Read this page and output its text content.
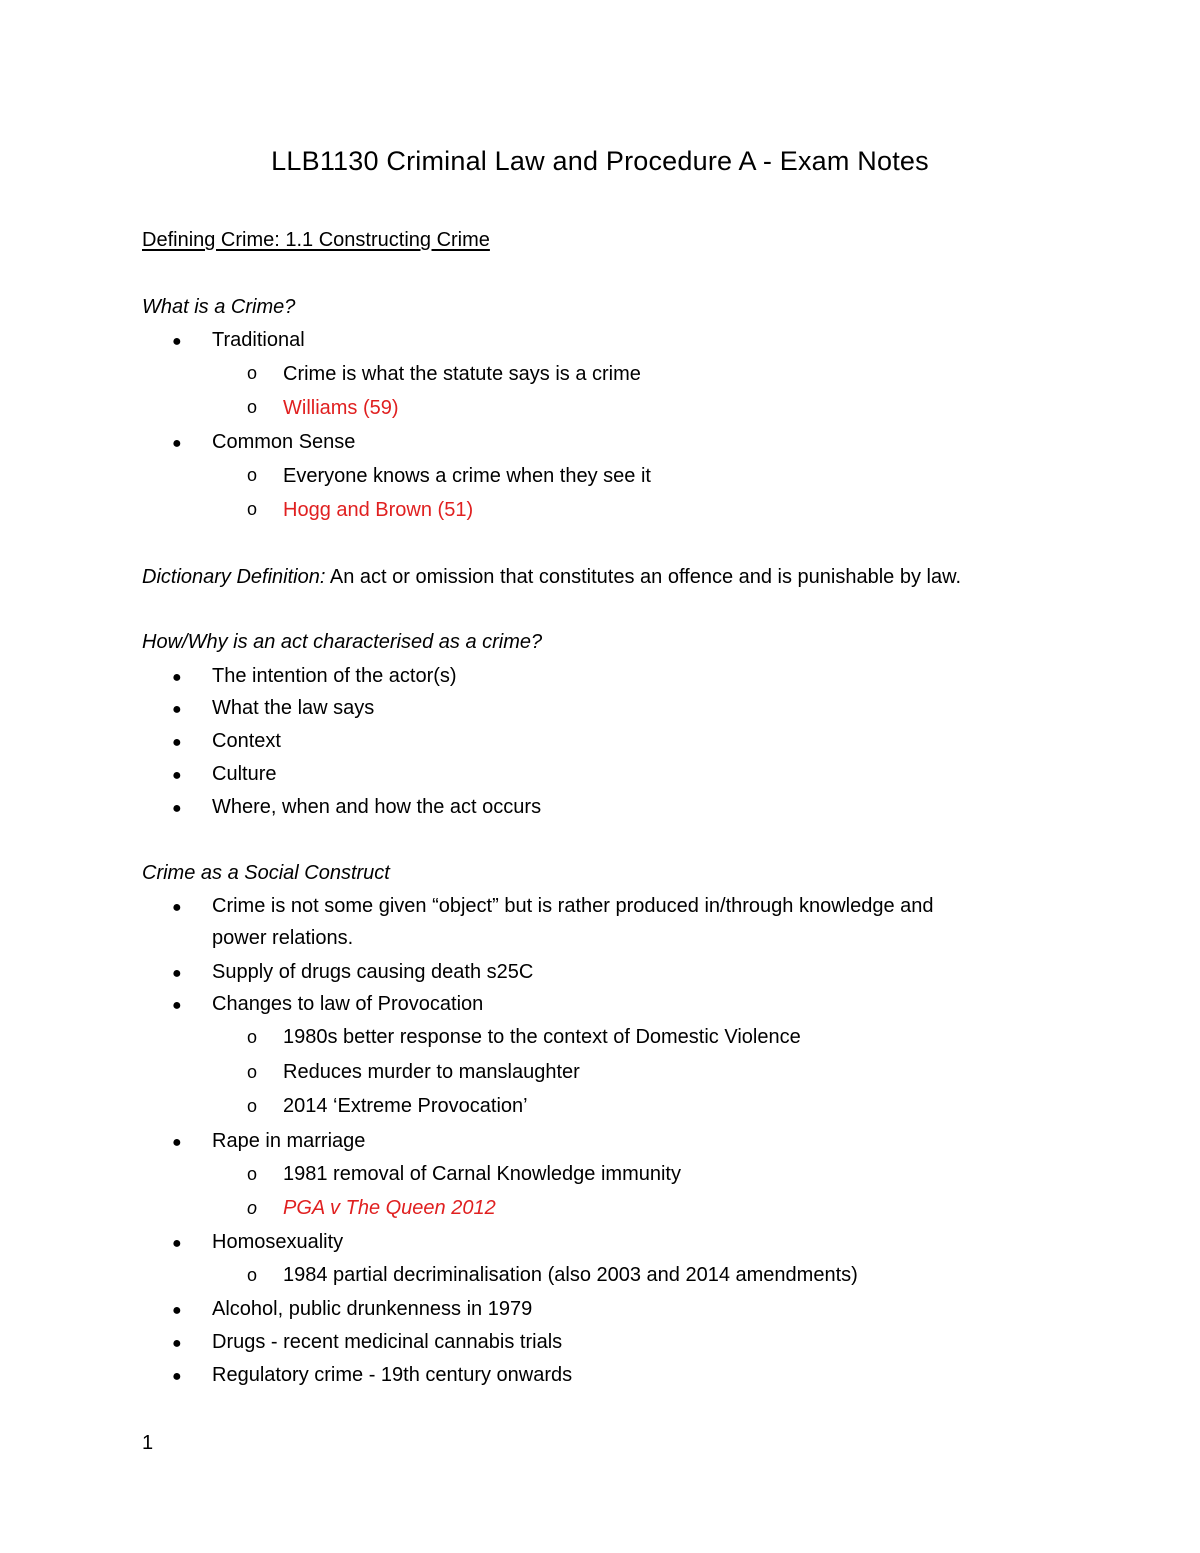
LLB1130 Criminal Law and Procedure A - Exam Notes
Defining Crime: 1.1 Constructing Crime
What is a Crime?
● Traditional
o Crime is what the statute says is a crime
o Williams (59)
● Common Sense
o Everyone knows a crime when they see it
o Hogg and Brown (51)
Dictionary Definition: An act or omission that constitutes an offence and is punishable by law.
How/Why is an act characterised as a crime?
● The intention of the actor(s)
● What the law says
● Context
● Culture
● Where, when and how the act occurs
Crime as a Social Construct
● Crime is not some given “object” but is rather produced in/through knowledge and
power relations.
● Supply of drugs causing death s25C
● Changes to law of Provocation
o 1980s better response to the context of Domestic Violence
o Reduces murder to manslaughter
o 2014 ‘Extreme Provocation’
● Rape in marriage
o 1981 removal of Carnal Knowledge immunity
o PGA v The Queen 2012
● Homosexuality
o 1984 partial decriminalisation (also 2003 and 2014 amendments)
● Alcohol, public drunkenness in 1979
● Drugs - recent medicinal cannabis trials
● Regulatory crime - 19th century onwards
1
